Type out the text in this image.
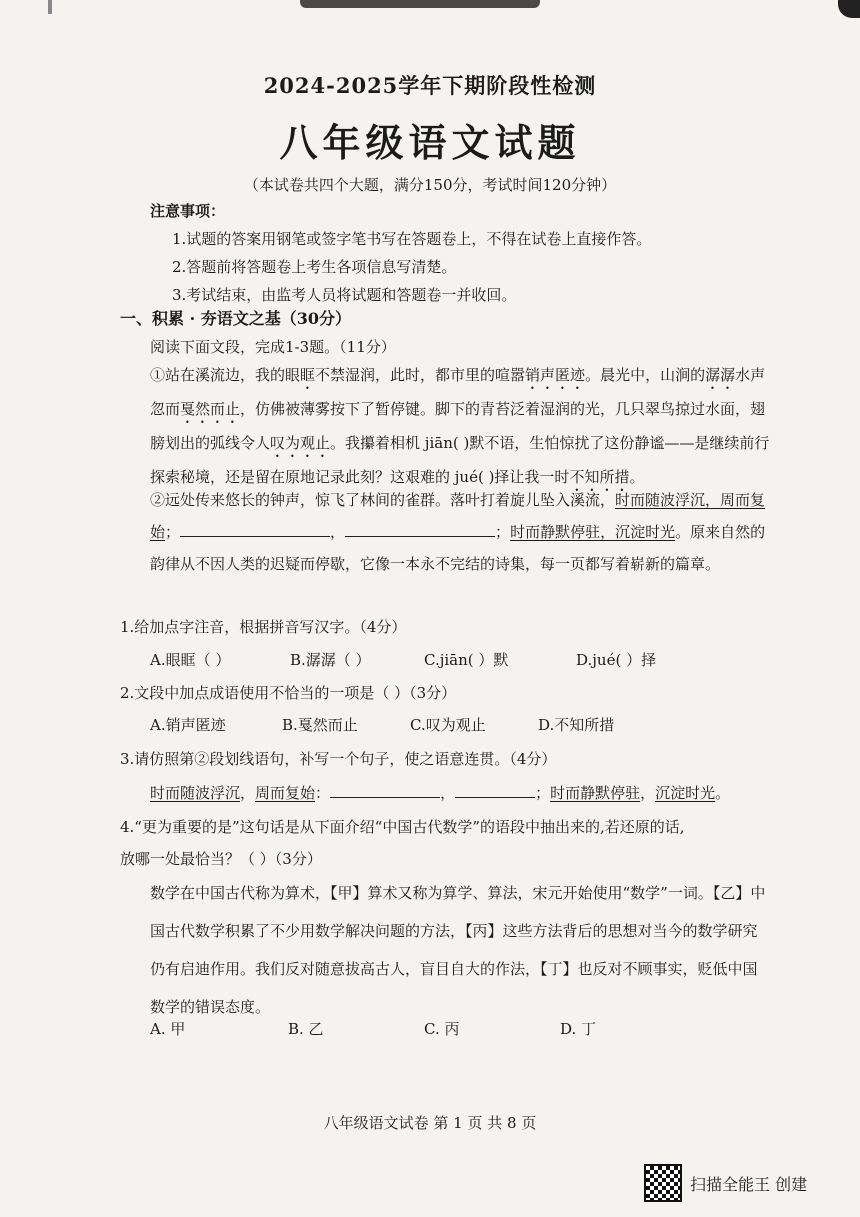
2024-2025学年下期阶段性检测
八年级语文试题
（本试卷共四个大题，满分150分，考试时间120分钟）
注意事项：
1.试题的答案用钢笔或签字笔书写在答题卷上，不得在试卷上直接作答。
2.答题前将答题卷上考生各项信息写清楚。
3.考试结束，由监考人员将试题和答题卷一并收回。
一、积累 · 夯语文之基（30分）
阅读下面文段，完成1-3题。（11分）
①站在溪流边，我的眼眶不禁湿润，此时，都市里的喧嚣销声匿迹。晨光中，山涧的潺潺水声忽而戛然而止，仿佛被薄雾按下了暂停键。脚下的青苔泛着湿润的光，几只翠鸟掠过水面，翅膀划出的弧线令人叹为观止。我攥着相机 jiān( )默不语，生怕惊扰了这份静谧——是继续前行探索秘境，还是留在原地记录此刻？这艰难的 jué( )择让我一时不知所措。
②远处传来悠长的钟声，惊飞了林间的雀群。落叶打着旋儿坠入溪流，时而随波浮沉，周而复始；	，	；时而静默停驻，沉淀时光。原来自然的韵律从不因人类的迟疑而停歇，它像一本永不完结的诗集，每一页都写着崭新的篇章。
1.给加点字注音，根据拼音写汉字。（4分）
A.眼眶（ ）	B.潺潺（ ）	C.jiān( ）默	D.jué( ）择
2.文段中加点成语使用不恰当的一项是（ ）（3分）
A.销声匿迹	B.戛然而止	C.叹为观止	D.不知所措
3.请仿照第②段划线语句，补写一个句子，使之语意连贯。（4分）
时而随波浮沉，周而复始：	，	；时而静默停驻，沉淀时光。
4.“更为重要的是”这句话是从下面介绍“中国古代数学”的语段中抽出来的,若还原的话,
放哪一处最恰当？（ ）（3分）
数学在中国古代称为算术，【甲】算术又称为算学、算法，宋元开始使用“数学”一词。【乙】中国古代数学积累了不少用数学解决问题的方法，【丙】这些方法背后的思想对当今的数学研究仍有启迪作用。我们反对随意拔高古人，盲目自大的作法，【丁】也反对不顾事实，贬低中国数学的错误态度。
A. 甲	B. 乙	C. 丙	D. 丁
八年级语文试卷 第 1 页 共 8 页
扫描全能王 创建
